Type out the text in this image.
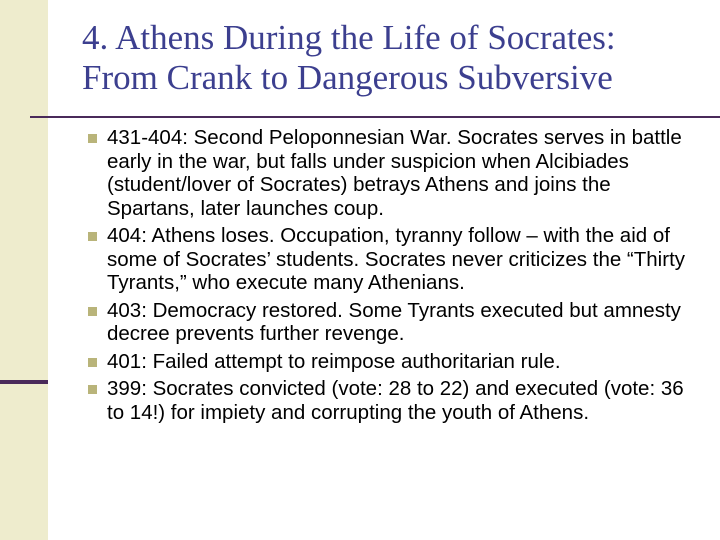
4. Athens During the Life of Socrates:
From Crank to Dangerous Subversive
431-404: Second Peloponnesian War. Socrates serves in battle early in the war, but falls under suspicion when Alcibiades (student/lover of Socrates) betrays Athens and joins the Spartans, later launches coup.
404: Athens loses. Occupation, tyranny follow – with the aid of some of Socrates’ students. Socrates never criticizes the “Thirty Tyrants,” who execute many Athenians.
403: Democracy restored. Some Tyrants executed but amnesty decree prevents further revenge.
401: Failed attempt to reimpose authoritarian rule.
399: Socrates convicted (vote: 28 to 22) and executed (vote: 36 to 14!) for impiety and corrupting the youth of Athens.
